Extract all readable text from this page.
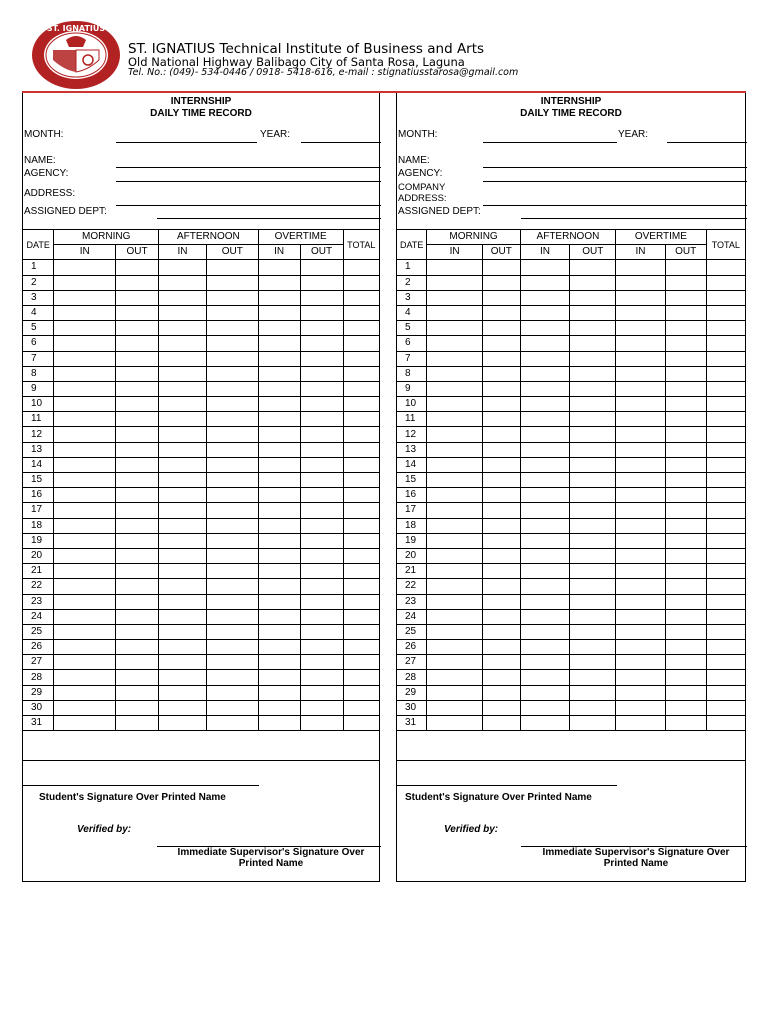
ST. IGNATIUS
ST. IGNATIUS Technical Institute of Business and Arts
Old National Highway Balibago City of Santa Rosa, Laguna
Tel. No.: (049)- 534-0446 / 0918- 5418-616, e-mail : stignatiusstarosa@gmail.com
INTERNSHIP
DAILY TIME RECORD
MONTH:	YEAR:
NAME:
AGENCY:
ADDRESS:
ASSIGNED DEPT:
DATE	MORNING		AFTERNOON		OVERTIME		TOTAL
	IN	OUT	IN	OUT	IN	OUT	
1							
2							
3							
4							
5							
6							
7							
8							
9							
10							
11							
12							
13							
14							
15							
16							
17							
18							
19							
20							
21							
22							
23							
24							
25							
26							
27							
28							
29							
30							
31							
Student's Signature Over Printed Name
Verified by:
Immediate Supervisor's Signature Over Printed Name
INTERNSHIP
DAILY TIME RECORD
MONTH:	YEAR:
NAME:
AGENCY:
COMPANY
ADDRESS:
ASSIGNED DEPT:
DATE	MORNING		AFTERNOON		OVERTIME		TOTAL
	IN	OUT	IN	OUT	IN	OUT	
1							
2							
3							
4							
5							
6							
7							
8							
9							
10							
11							
12							
13							
14							
15							
16							
17							
18							
19							
20							
21							
22							
23							
24							
25							
26							
27							
28							
29							
30							
31							
Student's Signature Over Printed Name
Verified by:
Immediate Supervisor's Signature Over Printed Name
